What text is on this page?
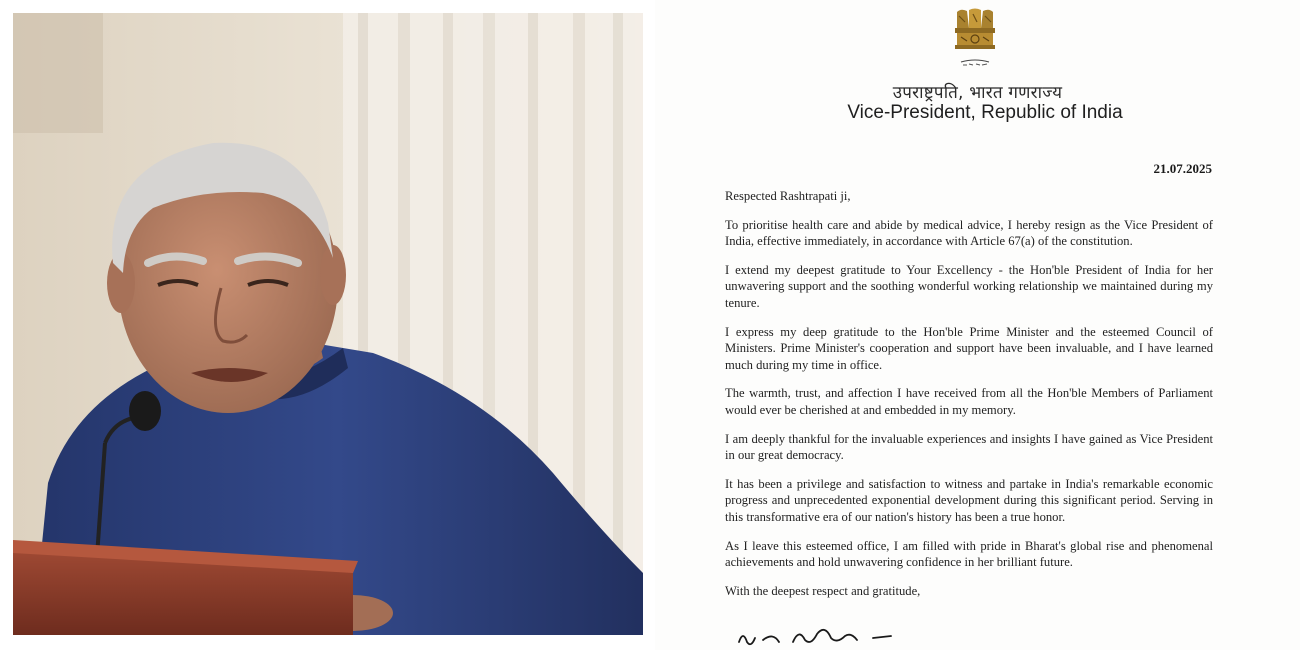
उपराष्ट्रपति, भारत गणराज्य
Vice-President, Republic of India
21.07.2025

Respected Rashtrapati ji,

To prioritise health care and abide by medical advice, I hereby resign as the Vice President of India, effective immediately, in accordance with Article 67(a) of the constitution.

I extend my deepest gratitude to Your Excellency - the Hon'ble President of India for her unwavering support and the soothing wonderful working relationship we maintained during my tenure.

I express my deep gratitude to the Hon'ble Prime Minister and the esteemed Council of Ministers. Prime Minister's cooperation and support have been invaluable, and I have learned much during my time in office.

The warmth, trust, and affection I have received from all the Hon'ble Members of Parliament would ever be cherished at and embedded in my memory.

I am deeply thankful for the invaluable experiences and insights I have gained as Vice President in our great democracy.

It has been a privilege and satisfaction to witness and partake in India's remarkable economic progress and unprecedented exponential development during this significant period. Serving in this transformative era of our nation's history has been a true honor.

As I leave this esteemed office, I am filled with pride in Bharat's global rise and phenomenal achievements and hold unwavering confidence in her brilliant future.

With the deepest respect and gratitude,
